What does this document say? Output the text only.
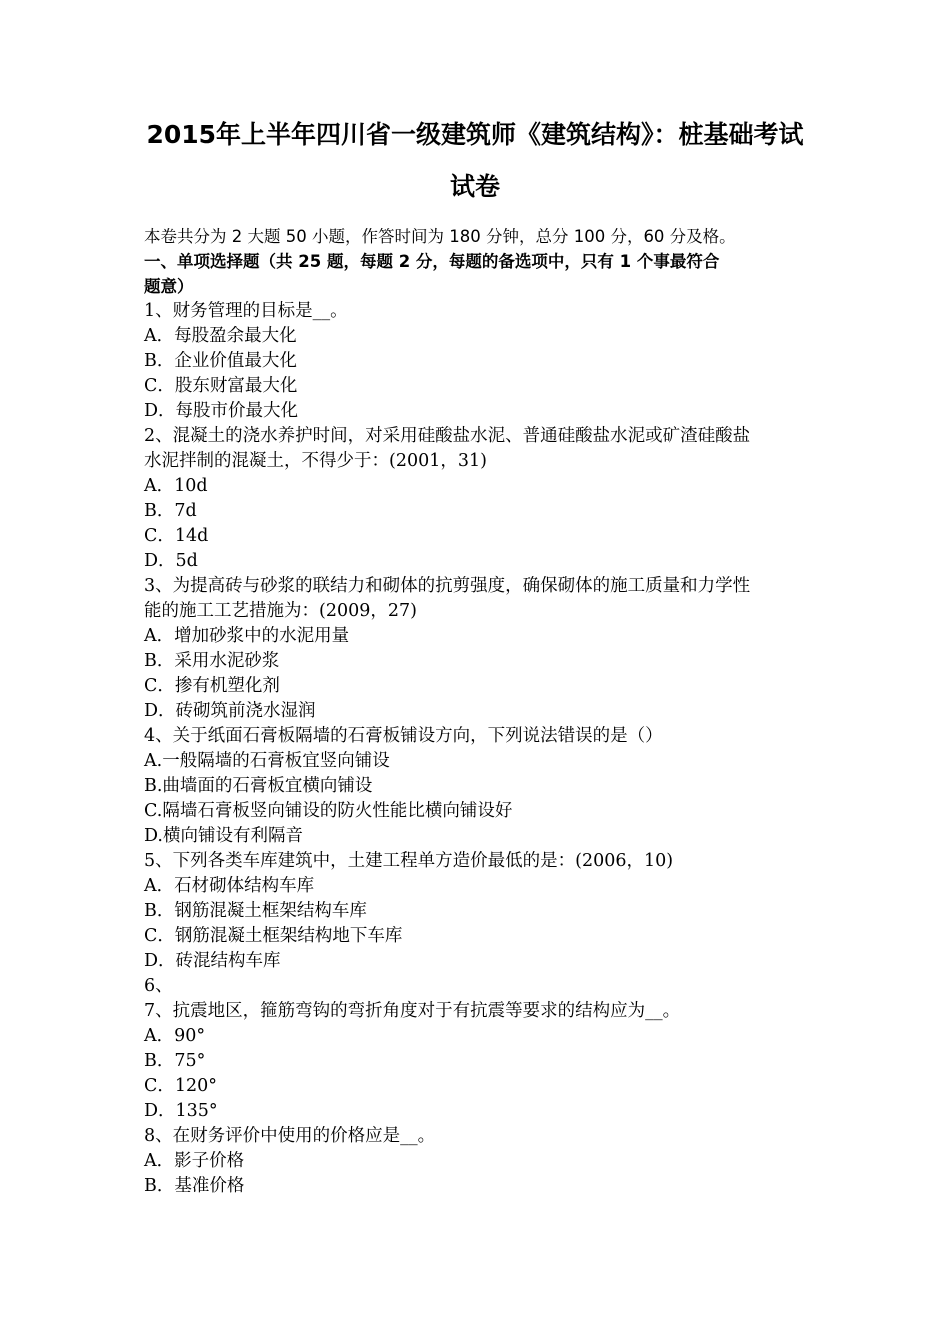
2015年上半年四川省一级建筑师《建筑结构》：桩基础考试
试卷
本卷共分为 2 大题 50 小题，作答时间为 180 分钟，总分 100 分，60 分及格。
一、单项选择题（共 25 题，每题 2 分，每题的备选项中，只有 1 个事最符合
题意）
1、财务管理的目标是__。
A．每股盈余最大化
B．企业价值最大化
C．股东财富最大化
D．每股市价最大化
2、混凝土的浇水养护时间，对采用硅酸盐水泥、普通硅酸盐水泥或矿渣硅酸盐
水泥拌制的混凝土，不得少于：(2001，31)
A．10d
B．7d
C．14d
D．5d
3、为提高砖与砂浆的联结力和砌体的抗剪强度，确保砌体的施工质量和力学性
能的施工工艺措施为：(2009，27)
A．增加砂浆中的水泥用量
B．采用水泥砂浆
C．掺有机塑化剂
D．砖砌筑前浇水湿润
4、关于纸面石膏板隔墙的石膏板铺设方向，下列说法错误的是（）
A.一般隔墙的石膏板宜竖向铺设
B.曲墙面的石膏板宜横向铺设
C.隔墙石膏板竖向铺设的防火性能比横向铺设好
D.横向铺设有利隔音
5、下列各类车库建筑中，土建工程单方造价最低的是：(2006，10)
A．石材砌体结构车库
B．钢筋混凝土框架结构车库
C．钢筋混凝土框架结构地下车库
D．砖混结构车库
6、
7、抗震地区，箍筋弯钩的弯折角度对于有抗震等要求的结构应为__。
A．90°
B．75°
C．120°
D．135°
8、在财务评价中使用的价格应是__。
A．影子价格
B．基准价格
